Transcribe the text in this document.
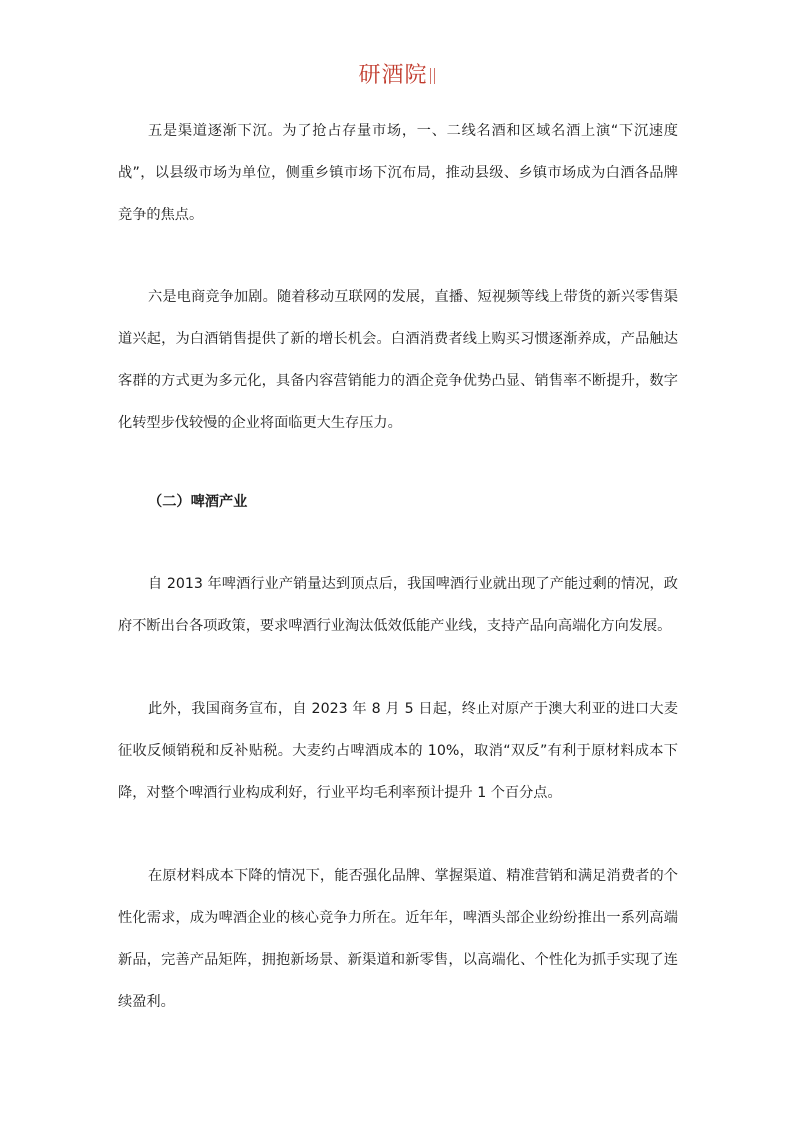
研酒院

五是渠道逐渐下沉。为了抢占存量市场，一、二线名酒和区域名酒上演“下沉速度战”，以县级市场为单位，侧重乡镇市场下沉布局，推动县级、乡镇市场成为白酒各品牌竞争的焦点。

六是电商竞争加剧。随着移动互联网的发展，直播、短视频等线上带货的新兴零售渠道兴起，为白酒销售提供了新的增长机会。白酒消费者线上购买习惯逐渐养成，产品触达客群的方式更为多元化，具备内容营销能力的酒企竞争优势凸显、销售率不断提升，数字化转型步伐较慢的企业将面临更大生存压力。

（二）啤酒产业

自 2013 年啤酒行业产销量达到顶点后，我国啤酒行业就出现了产能过剩的情况，政府不断出台各项政策，要求啤酒行业淘汰低效低能产业线，支持产品向高端化方向发展。

此外，我国商务宣布，自 2023 年 8 月 5 日起，终止对原产于澳大利亚的进口大麦征收反倾销税和反补贴税。大麦约占啤酒成本的 10%，取消“双反”有利于原材料成本下降，对整个啤酒行业构成利好，行业平均毛利率预计提升 1 个百分点。

在原材料成本下降的情况下，能否强化品牌、掌握渠道、精准营销和满足消费者的个性化需求，成为啤酒企业的核心竞争力所在。近年年，啤酒头部企业纷纷推出一系列高端新品，完善产品矩阵，拥抱新场景、新渠道和新零售，以高端化、个性化为抓手实现了连续盈利。
